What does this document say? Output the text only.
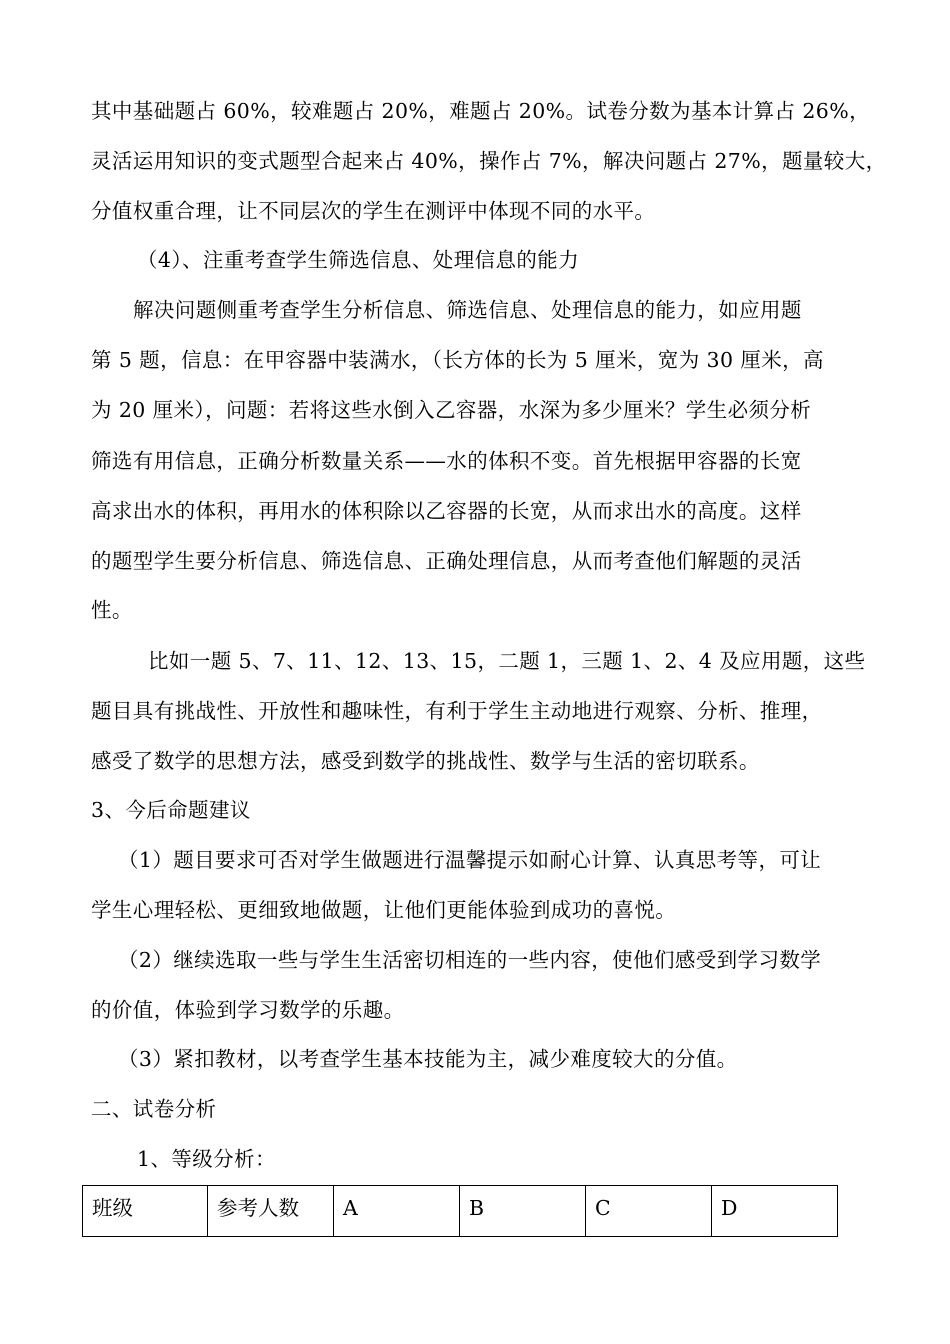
其中基础题占 60%，较难题占 20%，难题占 20%。试卷分数为基本计算占 26%，
灵活运用知识的变式题型合起来占 40%，操作占 7%，解决问题占 27%，题量较大，
分值权重合理，让不同层次的学生在测评中体现不同的水平。
（4）、注重考查学生筛选信息、处理信息的能力
解决问题侧重考查学生分析信息、筛选信息、处理信息的能力，如应用题
第 5 题，信息：在甲容器中装满水，（长方体的长为 5 厘米，宽为 30 厘米，高
为 20 厘米），问题：若将这些水倒入乙容器，水深为多少厘米？学生必须分析
筛选有用信息，正确分析数量关系——水的体积不变。首先根据甲容器的长宽
高求出水的体积，再用水的体积除以乙容器的长宽，从而求出水的高度。这样
的题型学生要分析信息、筛选信息、正确处理信息，从而考查他们解题的灵活
性。
比如一题 5、7、11、12、13、15，二题 1，三题 1、2、4 及应用题，这些
题目具有挑战性、开放性和趣味性，有利于学生主动地进行观察、分析、推理，
感受了数学的思想方法，感受到数学的挑战性、数学与生活的密切联系。
3、今后命题建议
（1）题目要求可否对学生做题进行温馨提示如耐心计算、认真思考等，可让
学生心理轻松、更细致地做题，让他们更能体验到成功的喜悦。
（2）继续选取一些与学生生活密切相连的一些内容，使他们感受到学习数学
的价值，体验到学习数学的乐趣。
（3）紧扣教材，以考查学生基本技能为主，减少难度较大的分值。
二、试卷分析
1、等级分析：
班级	参考人数	A	B	C	D
